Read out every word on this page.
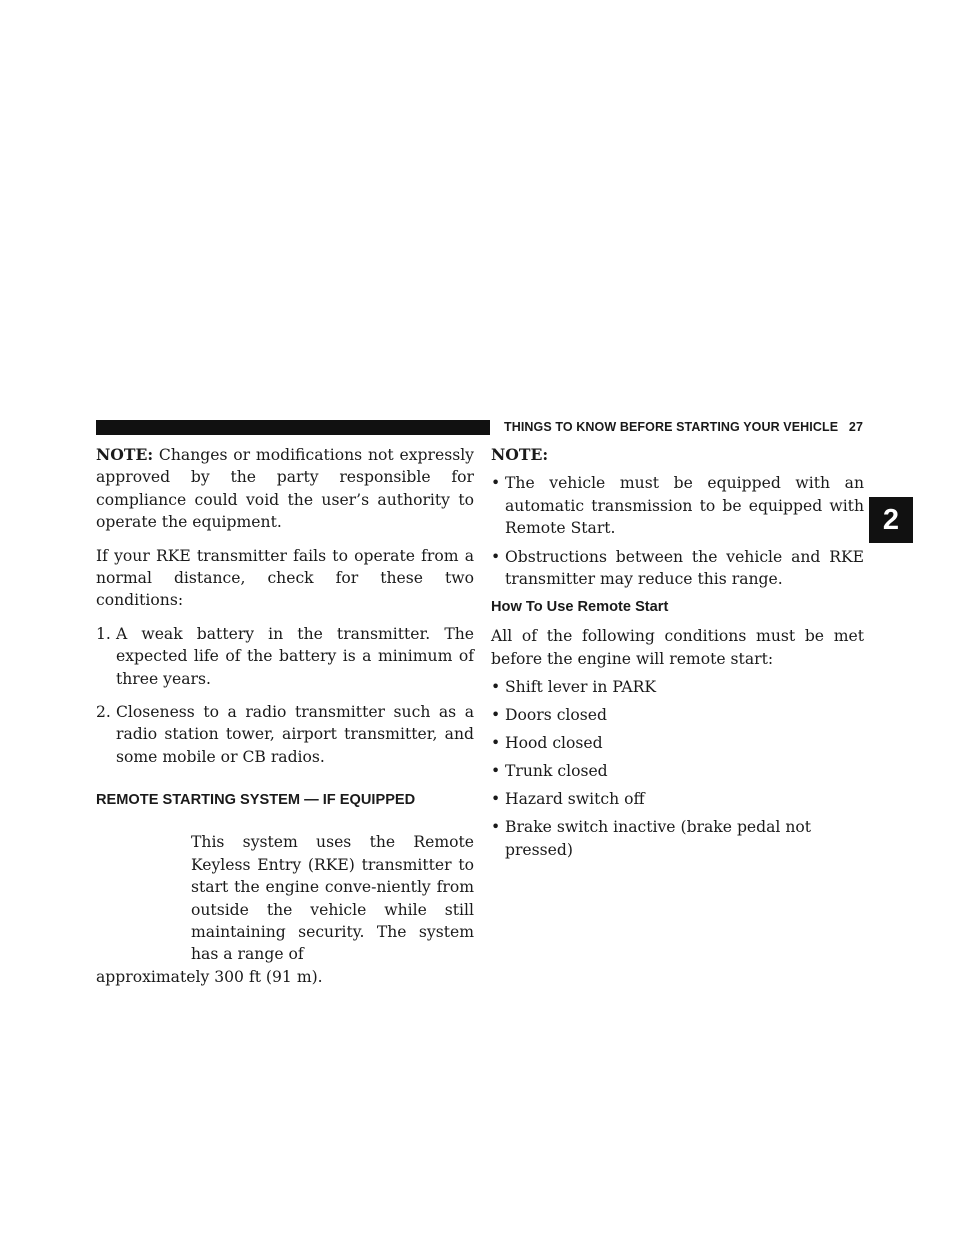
THINGS TO KNOW BEFORE STARTING YOUR VEHICLE 27
2

NOTE: Changes or modifications not expressly approved by the party responsible for compliance could void the user’s authority to operate the equipment.

If your RKE transmitter fails to operate from a normal distance, check for these two conditions:

1. A weak battery in the transmitter. The expected life of the battery is a minimum of three years.
2. Closeness to a radio transmitter such as a radio station tower, airport transmitter, and some mobile or CB radios.
REMOTE STARTING SYSTEM — IF EQUIPPED

This system uses the Remote Keyless Entry (RKE) transmitter to start the engine conve-niently from outside the vehicle while still maintaining security. The system has a range of
approximately 300 ft (91 m).

NOTE:
• The vehicle must be equipped with an automatic transmission to be equipped with Remote Start.
• Obstructions between the vehicle and RKE transmitter may reduce this range.
How To Use Remote Start

All of the following conditions must be met before the engine will remote start:

• Shift lever in PARK
• Doors closed
• Hood closed
• Trunk closed
• Hazard switch off
• Brake switch inactive (brake pedal not pressed)
